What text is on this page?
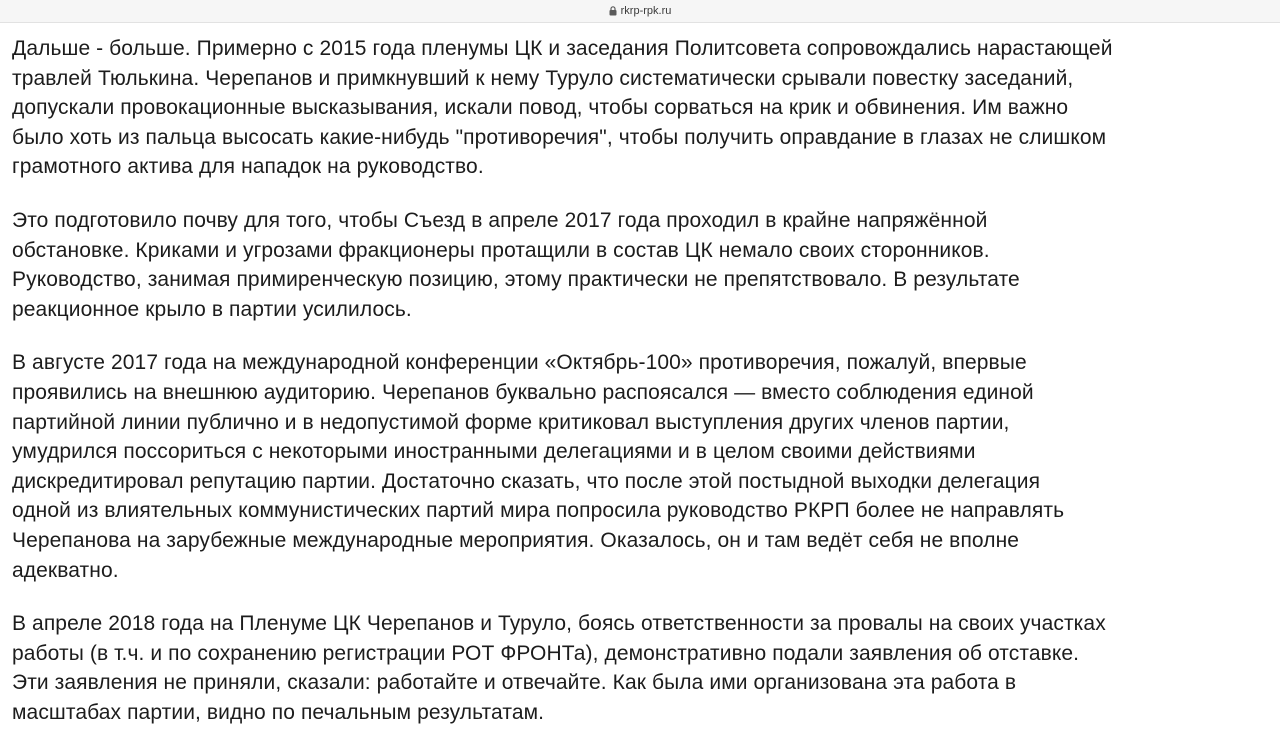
rkrp-rpk.ru

Дальше - больше. Примерно с 2015 года пленумы ЦК и заседания Политсовета сопровождались нарастающей
травлей Тюлькина. Черепанов и примкнувший к нему Туруло систематически срывали повестку заседаний,
допускали провокационные высказывания, искали повод, чтобы сорваться на крик и обвинения. Им важно
было хоть из пальца высосать какие-нибудь "противоречия", чтобы получить оправдание в глазах не слишком
грамотного актива для нападок на руководство.

Это подготовило почву для того, чтобы Съезд в апреле 2017 года проходил в крайне напряжённой
обстановке. Криками и угрозами фракционеры протащили в состав ЦК немало своих сторонников.
Руководство, занимая примиренческую позицию, этому практически не препятствовало. В результате
реакционное крыло в партии усилилось.

В августе 2017 года на международной конференции «Октябрь-100» противоречия, пожалуй, впервые
проявились на внешнюю аудиторию. Черепанов буквально распоясался — вместо соблюдения единой
партийной линии публично и в недопустимой форме критиковал выступления других членов партии,
умудрился поссориться с некоторыми иностранными делегациями и в целом своими действиями
дискредитировал репутацию партии. Достаточно сказать, что после этой постыдной выходки делегация
одной из влиятельных коммунистических партий мира попросила руководство РКРП более не направлять
Черепанова на зарубежные международные мероприятия. Оказалось, он и там ведёт себя не вполне
адекватно.

В апреле 2018 года на Пленуме ЦК Черепанов и Туруло, боясь ответственности за провалы на своих участках
работы (в т.ч. и по сохранению регистрации РОТ ФРОНТа), демонстративно подали заявления об отставке.
Эти заявления не приняли, сказали: работайте и отвечайте. Как была ими организована эта работа в
масштабах партии, видно по печальным результатам.
